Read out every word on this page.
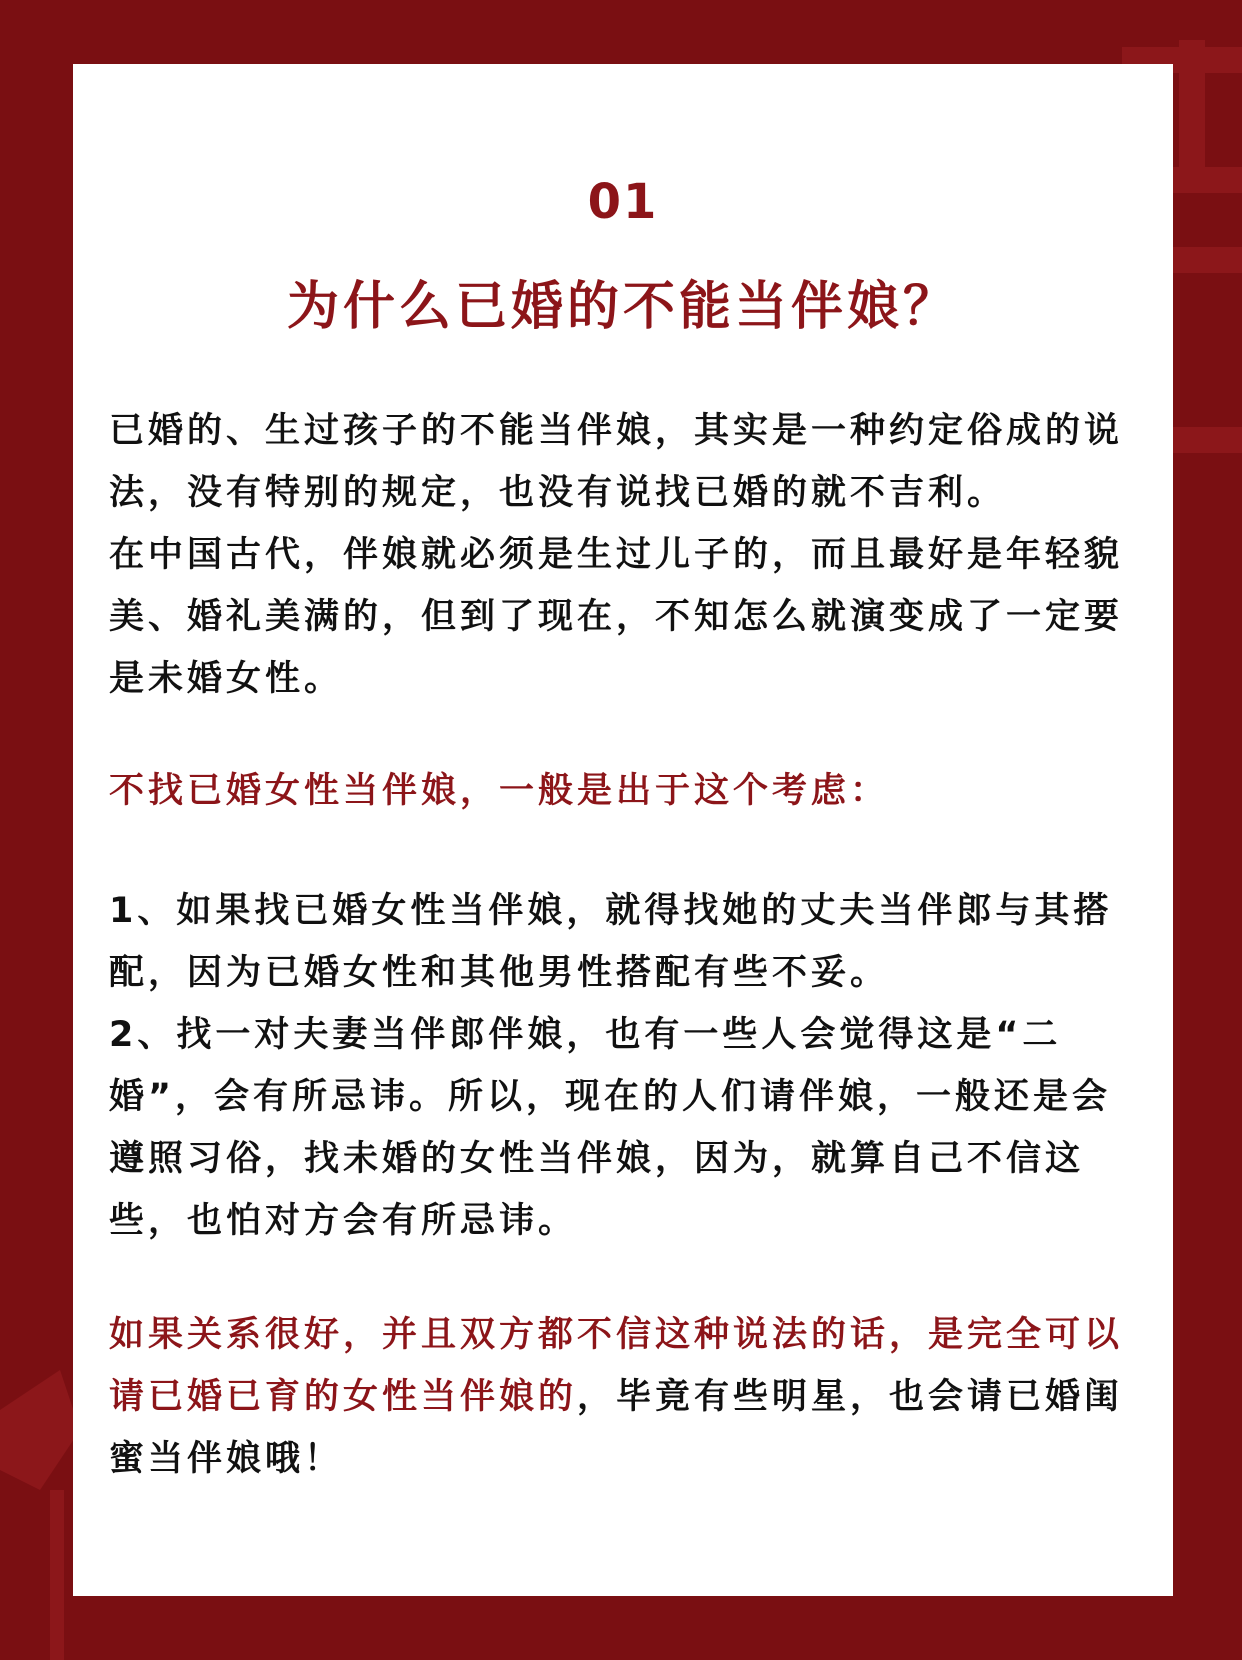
01
为什么已婚的不能当伴娘？

已婚的、生过孩子的不能当伴娘，其实是一种约定俗成的说法，没有特别的规定，也没有说找已婚的就不吉利。

在中国古代，伴娘就必须是生过儿子的，而且最好是年轻貌美、婚礼美满的，但到了现在，不知怎么就演变成了一定要是未婚女性。

不找已婚女性当伴娘，一般是出于这个考虑：

1、如果找已婚女性当伴娘，就得找她的丈夫当伴郎与其搭配，因为已婚女性和其他男性搭配有些不妥。

2、找一对夫妻当伴郎伴娘，也有一些人会觉得这是“二婚”，会有所忌讳。所以，现在的人们请伴娘，一般还是会遵照习俗，找未婚的女性当伴娘，因为，就算自己不信这些，也怕对方会有所忌讳。

如果关系很好，并且双方都不信这种说法的话，是完全可以请已婚已育的女性当伴娘的，毕竟有些明星，也会请已婚闺蜜当伴娘哦！
